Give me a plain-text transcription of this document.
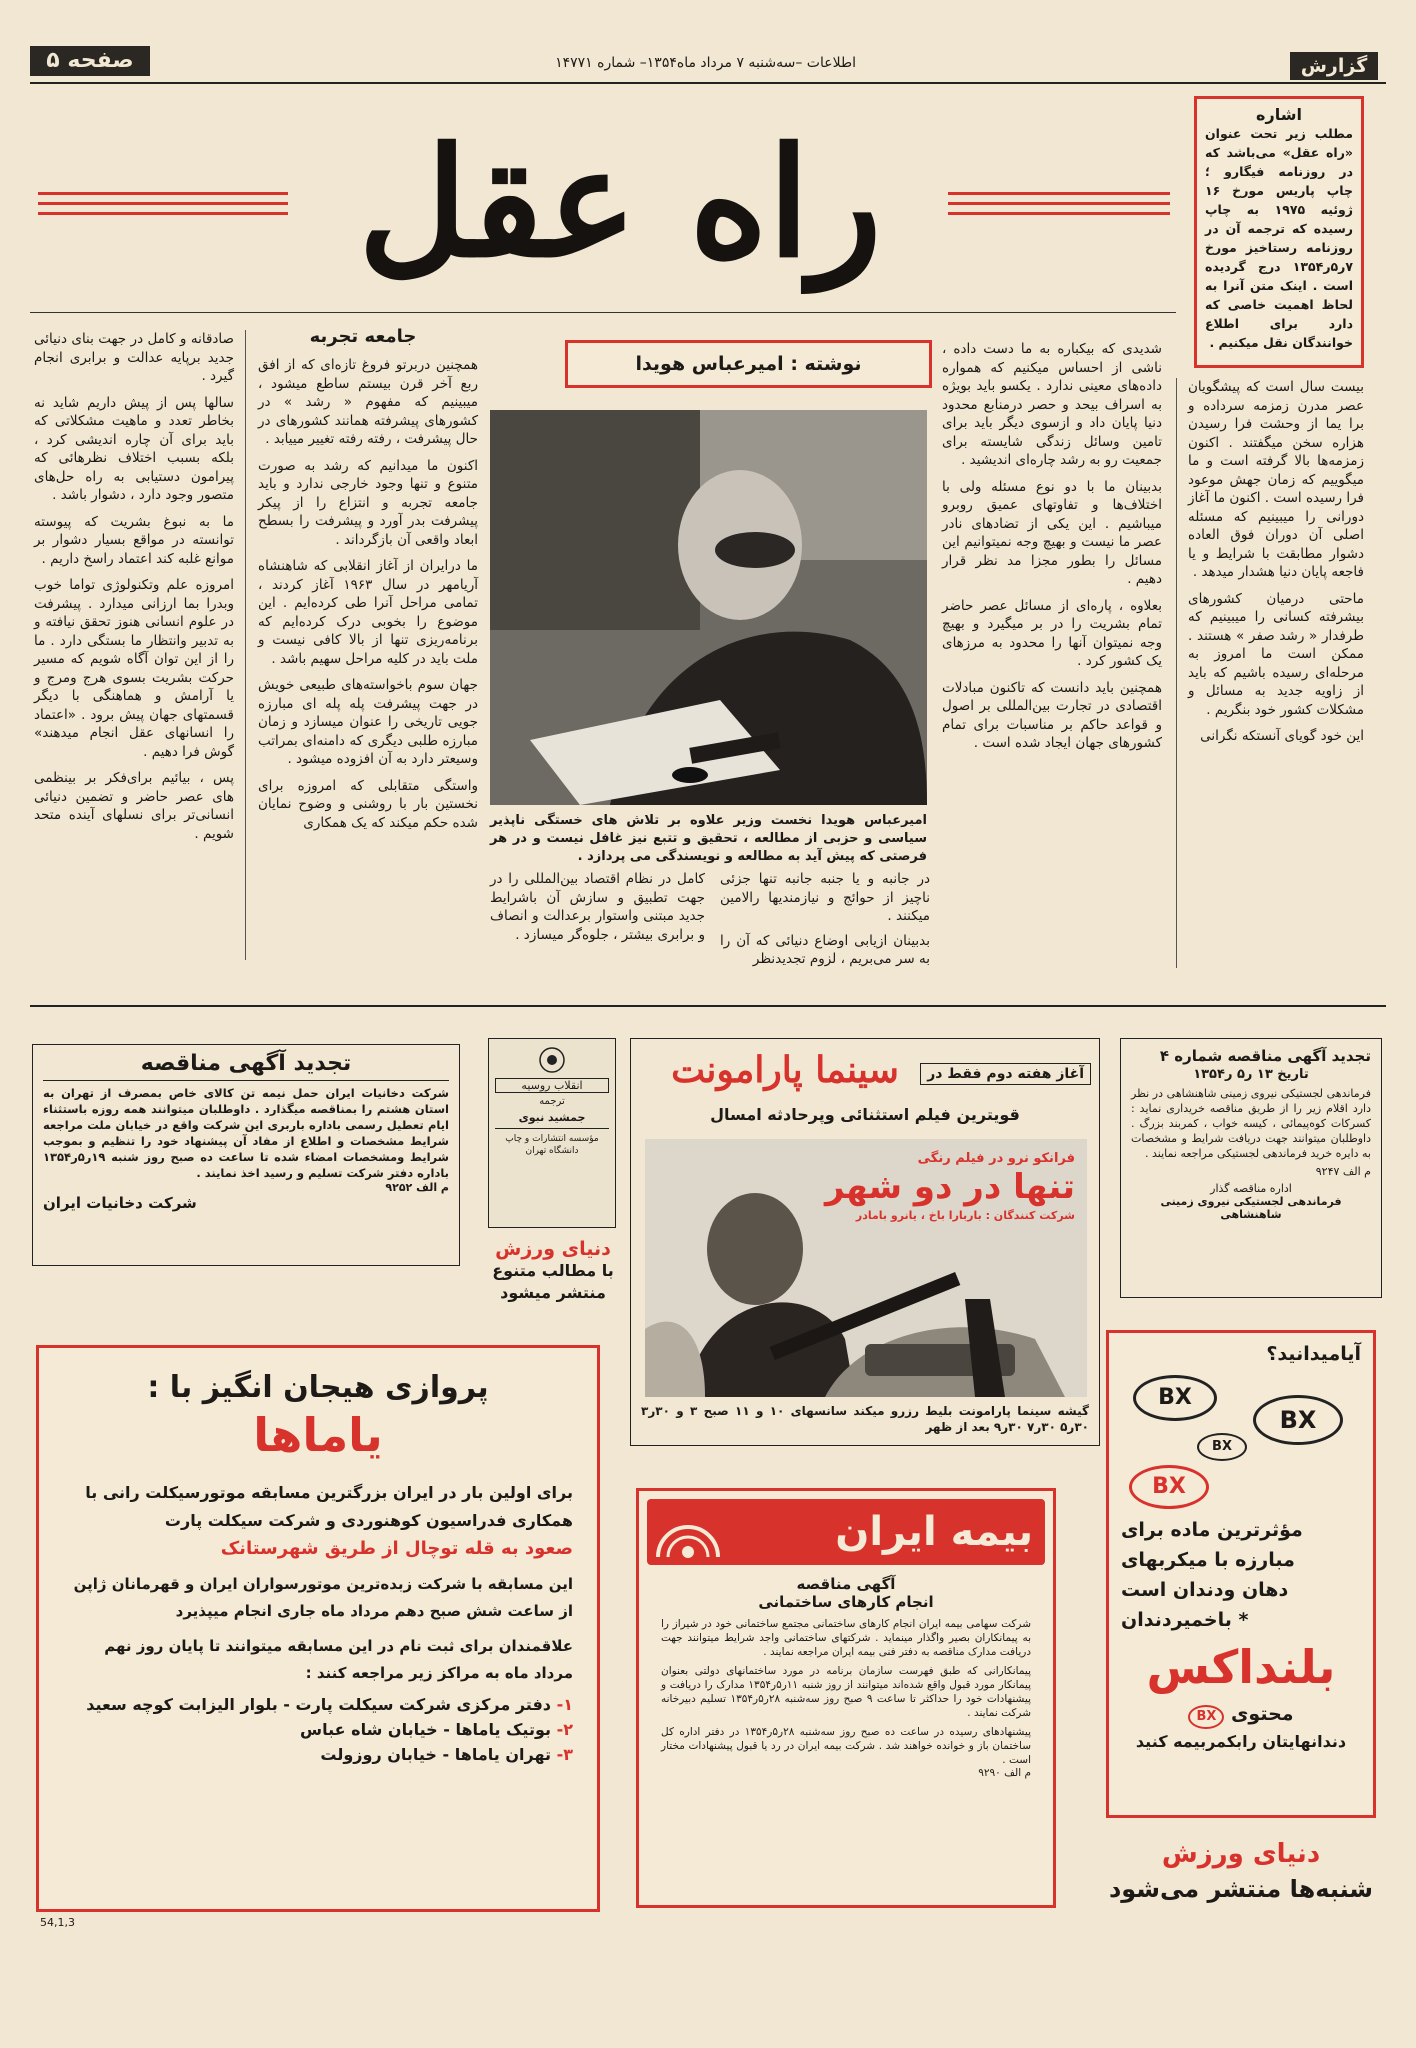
گزارش
اطلاعات –سه‌شنبه ۷ مرداد ماه۱۳۵۴– شماره ۱۴۷۷۱
صفحه ۵
اشاره
مطلب زیر تحت عنوان «راه عقل» می‌باشد که در روزنامه فیگارو ؛ چاپ پاریس مورخ ۱۶ ژوئیه ۱۹۷۵ به چاپ رسیده که ترجمه آن در روزنامه رستاخیز مورخ ۷ر۵ر۱۳۵۴ درج گردیده است . اینک متن آنرا به لحاظ اهمیت خاصی که دارد برای اطلاع خوانندگان نقل میکنیم .
راه عقل
نوشته : امیرعباس هویدا
امیرعباس هویدا نخست وزیر علاوه بر تلاش های خستگی ناپذیر سیاسی و حزبی از مطالعه ، تحقیق و تتبع نیز غافل نیست و در هر فرصتی که پیش آید به مطالعه و نویسندگی می پردازد .

بیست سال است که پیشگویان عصر مدرن زمزمه سرداده و برا یما از وحشت فرا رسیدن هزاره سخن میگفتند . اکنون زمزمه‌ها بالا گرفته است و ما میگوییم که زمان جهش موعود فرا رسیده است . اکنون ما آغاز دورانی را میبینیم که مسئله اصلی آن دوران فوق العاده دشوار مطابقت با شرایط و یا فاجعه پایان دنیا هشدار میدهد .

ماحتی درمیان کشورهای بیشرفته کسانی را میبینیم که طرفدار « رشد صفر » هستند . ممکن است ما امروز به مرحله‌ای رسیده باشیم که باید از زاویه جدید به مسائل و مشکلات کشور خود بنگریم .

این خود گویای آنستکه نگرانی

شدیدی که بیکباره به ما دست داده ، ناشی از احساس میکنیم که همواره داده‌های معینی ندارد . یکسو باید بویژه به اسراف بیحد و حصر درمنابع محدود دنیا پایان داد و ازسوی دیگر باید برای تامین وسائل زندگی شایسته برای جمعیت رو به رشد چاره‌ای اندیشید .

بدبینان ما با دو نوع مسئله ولی با اختلاف‌ها و تفاوتهای عمیق روبرو میباشیم . این یکی از تضادهای نادر عصر ما نیست و بهیچ وجه نمیتوانیم این مسائل را بطور مجزا مد نظر قرار دهیم .

بعلاوه ، پاره‌ای از مسائل عصر حاضر تمام بشریت را در بر میگیرد و بهیچ وجه نمیتوان آنها را محدود به مرزهای یک کشور کرد .

همچنین باید دانست که تاکنون مبادلات اقتصادی در تجارت بین‌المللی بر اصول و قواعد حاکم بر مناسبات برای تمام کشورهای جهان ایجاد شده است .

در جانبه و یا جنبه جانبه تنها جزئی ناچیز از حوائج و نیازمندیها رالامین میکنند .

بدبینان ازیابی اوضاع دنیائی که آن را به سر می‌بریم ، لزوم تجدیدنظر

جامعه تجربه

همچنین دربرتو فروغ تازه‌ای که از افق ربع آخر قرن بیستم ساطع میشود ، میبینیم که مفهوم « رشد » در کشورهای پیشرفته همانند کشورهای در حال پیشرفت ، رفته رفته تغییر مییابد .

اکنون ما میدانیم که رشد به صورت متنوع و تنها وجود خارجی ندارد و باید جامعه تجربه و انتزاع را از پیکر پیشرفت بدر آورد و پیشرفت را بسطح ابعاد واقعی آن بازگرداند .

ما درایران از آغاز انقلابی که شاهنشاه آریامهر در سال ۱۹۶۳ آغاز کردند ، تمامی مراحل آنرا طی کرده‌ایم . این موضوع را بخوبی درک کرده‌ایم که برنامه‌ریزی تنها از بالا کافی نیست و ملت باید در کلیه مراحل سهیم باشد .

جهان سوم باخواسته‌های طبیعی خویش در جهت پیشرفت پله پله ای مبارزه جویی تاریخی را عنوان میسازد و زمان مبارزه طلبی دیگری که دامنه‌ای بمراتب وسیعتر دارد به آن افزوده میشود .

واستگی متقابلی که امروزه برای نخستین بار با روشنی و وضوح نمایان شده حکم میکند که یک همکاری

کامل در نظام اقتصاد بین‌المللی را در جهت تطبیق و سازش آن باشرایط جدید مبتنی واستوار برعدالت و انصاف و برابری بیشتر ، جلوه‌گر میسازد .

صادقانه و کامل در جهت بنای دنیائی جدید برپایه عدالت و برابری انجام گیرد .

سالها پس از پیش داریم شاید نه بخاطر تعدد و ماهیت مشکلاتی که باید برای آن چاره اندیشی کرد ، بلکه بسبب اختلاف نظرهائی که پیرامون دستیابی به راه حل‌های متصور وجود دارد ، دشوار باشد .

ما به نبوغ بشریت که پیوسته توانسته در مواقع بسیار دشوار بر موانع غلبه کند اعتماد راسخ داریم .

امروزه علم وتکنولوژی تواما خوب وبدرا بما ارزانی میدارد . پیشرفت در علوم انسانی هنوز تحقق نیافته و به تدبیر وانتظار ما بستگی دارد . ما را از این توان آگاه شویم که مسیر حرکت بشریت بسوی هرج ومرج و یا آرامش و هماهنگی با دیگر قسمتهای جهان پیش برود . «اعتماد را انسانهای عقل انجام میدهند» گوش فرا دهیم .

پس ، بیائیم برای‌فکر بر بینظمی های عصر حاضر و تضمین دنیائی انسانی‌تر برای نسلهای آینده متحد شویم .

تجدید آگهی مناقصه شماره ۴
تاریخ ۱۳ ر۵ ر۱۳۵۴
فرماندهی لجستیکی نیروی زمینی شاهنشاهی در نظر دارد اقلام زیر را از طریق مناقصه خریداری نماید : کسرکات کوه‌پیمائی ، کیسه خواب ، کمربند بزرگ . داوطلبان میتوانند جهت دریافت شرایط و مشخصات به دایره خرید فرماندهی لجستیکی مراجعه نمایند .
م الف ۹۲۴۷
اداره مناقصه گذار
فرماندهی لجستیکی نیروی زمینی شاهنشاهی
آغاز هفته دوم فقط در
سینما پارامونت
قویترین فیلم استثنائی وپرحادثه امسال
فرانکو نرو در فیلم رنگی
تنها در دو شهر
شرکت کنندگان : باربارا باخ ، یانرو بامادر
گیشه سینما پارامونت بلیط رزرو میکند سانسهای ۱۰ و ۱۱ صبح ۳ و ۳۰ر۳ ۳۰ر۵ ۳۰ر۷ ۳۰ر۹ بعد از ظهر
انقلاب روسیه
ترجمه
جمشید نبوی
مؤسسه انتشارات و چاپ دانشگاه تهران
دنیای ورزش
با مطالب متنوع منتشر میشود
تجدید آگهی مناقصه
شرکت دخانیات ایران حمل نیمه تن کالای خاص بمصرف از تهران به استان هشتم را بمناقصه میگذارد . داوطلبان میتوانند همه روزه باستثناء ایام تعطیل رسمی باداره باربری این شرکت واقع در خیابان ملت مراجعه شرایط مشخصات و اطلاع از مفاد آن پیشنهاد خود را تنظیم و بموجب شرایط ومشخصات امضاء شده تا ساعت ده صبح روز شنبه ۱۹ر۵ر۱۳۵۴ باداره دفتر شرکت تسلیم و رسید اخذ نمایند .
م الف ۹۲۵۲
شرکت دخانیات ایران
پروازی هیجان انگیز با :
یاماها
برای اولین بار در ایران بزرگترین مسابقه موتورسیکلت رانی با همکاری فدراسیون کوهنوردی و شرکت سیکلت پارت
صعود به قله توچال از طریق شهرستانک
این مسابقه با شرکت زبده‌ترین موتورسواران ایران و قهرمانان ژاپن از ساعت شش صبح دهم مرداد ماه جاری انجام میپذیرد
علاقمندان برای ثبت نام در این مسابقه میتوانند تا پایان روز نهم مرداد ماه به مراکز زیر مراجعه کنند :
۱- دفتر مرکزی شرکت سیکلت پارت - بلوار الیزابت کوچه سعید
۲- بوتیک یاماها - خیابان شاه عباس
۳- تهران یاماها - خیابان روزولت
54,1,3
بیمه ایران
آگهی مناقصه
انجام کارهای ساختمانی
شرکت سهامی بیمه ایران انجام کارهای ساختمانی مجتمع ساختمانی خود در شیراز را به پیمانکاران بصیر واگذار مینماید . شرکتهای ساختمانی واجد شرایط میتوانند جهت دریافت مدارک مناقصه به دفتر فنی بیمه ایران مراجعه نمایند .
پیمانکارانی که طبق فهرست سازمان برنامه در مورد ساختمانهای دولتی بعنوان پیمانکار مورد قبول واقع شده‌اند میتوانند از روز شنبه ۱۱ر۵ر۱۳۵۴ مدارک را دریافت و پیشنهادات خود را حداکثر تا ساعت ۹ صبح روز سه‌شنبه ۲۸ر۵ر۱۳۵۴ تسلیم دبیرخانه شرکت نمایند .
پیشنهادهای رسیده در ساعت ده صبح روز سه‌شنبه ۲۸ر۵ر۱۳۵۴ در دفتر اداره کل ساختمان باز و خوانده خواهند شد . شرکت بیمه ایران در رد یا قبول پیشنهادات مختار است .
م الف ۹۲۹۰
آیامیدانید؟
BX
BX
BX
BX
مؤثرترین ماده برای
مبارزه با میکربهای
دهان ودندان است
* باخمیردندان
بلنداکس
محتوی BX
دندانهایتان رابکمربیمه کنید
دنیای ورزش
شنبه‌ها منتشر می‌شود
